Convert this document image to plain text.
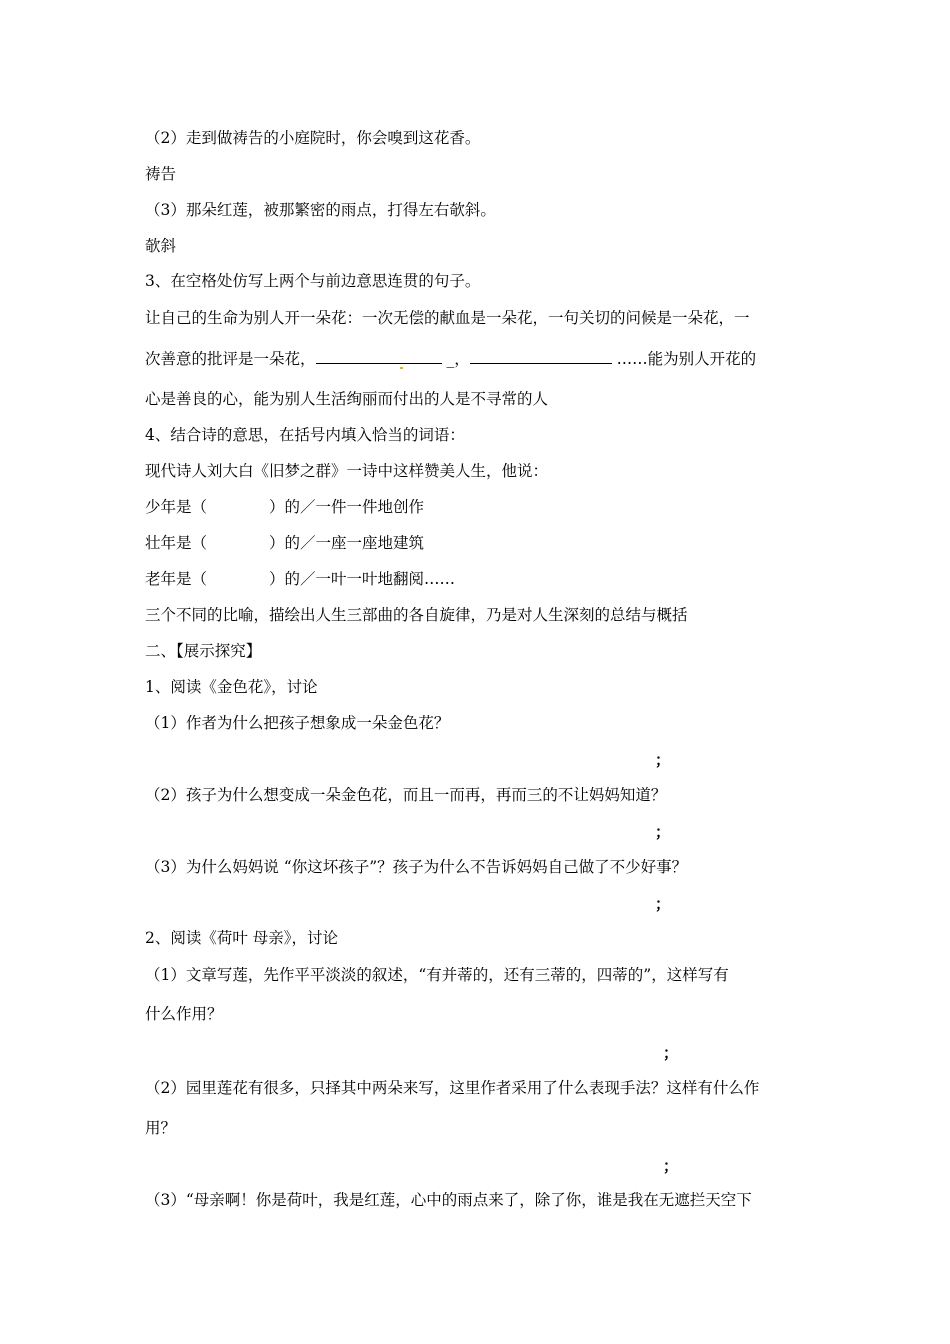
（2）走到做祷告的小庭院时，你会嗅到这花香。
祷告
（3）那朵红莲，被那繁密的雨点，打得左右欹斜。
欹斜
3、在空格处仿写上两个与前边意思连贯的句子。
让自己的生命为别人开一朵花：一次无偿的献血是一朵花，一句关切的问候是一朵花，一
次善意的批评是一朵花，	_，	……能为别人开花的
心是善良的心，能为别人生活绚丽而付出的人是不寻常的人
4、结合诗的意思，在括号内填入恰当的词语：
现代诗人刘大白《旧梦之群》一诗中这样赞美人生，他说：
少年是（　　　　）的／一件一件地创作
壮年是（　　　　）的／一座一座地建筑
老年是（　　　　）的／一叶一叶地翻阅……
三个不同的比喻，描绘出人生三部曲的各自旋律，乃是对人生深刻的总结与概括
二、【展示探究】
1、阅读《金色花》，讨论
（1）作者为什么把孩子想象成一朵金色花？
；
（2）孩子为什么想变成一朵金色花，而且一而再，再而三的不让妈妈知道？
；
（3）为什么妈妈说 “你这坏孩子”？孩子为什么不告诉妈妈自己做了不少好事？
；
2、阅读《荷叶 母亲》，讨论
（1）文章写莲，先作平平淡淡的叙述，“有并蒂的，还有三蒂的，四蒂的”，这样写有
什么作用？
；
（2）园里莲花有很多，只择其中两朵来写，这里作者采用了什么表现手法？这样有什么作
用？
；
（3）“母亲啊！你是荷叶，我是红莲，心中的雨点来了，除了你，谁是我在无遮拦天空下
